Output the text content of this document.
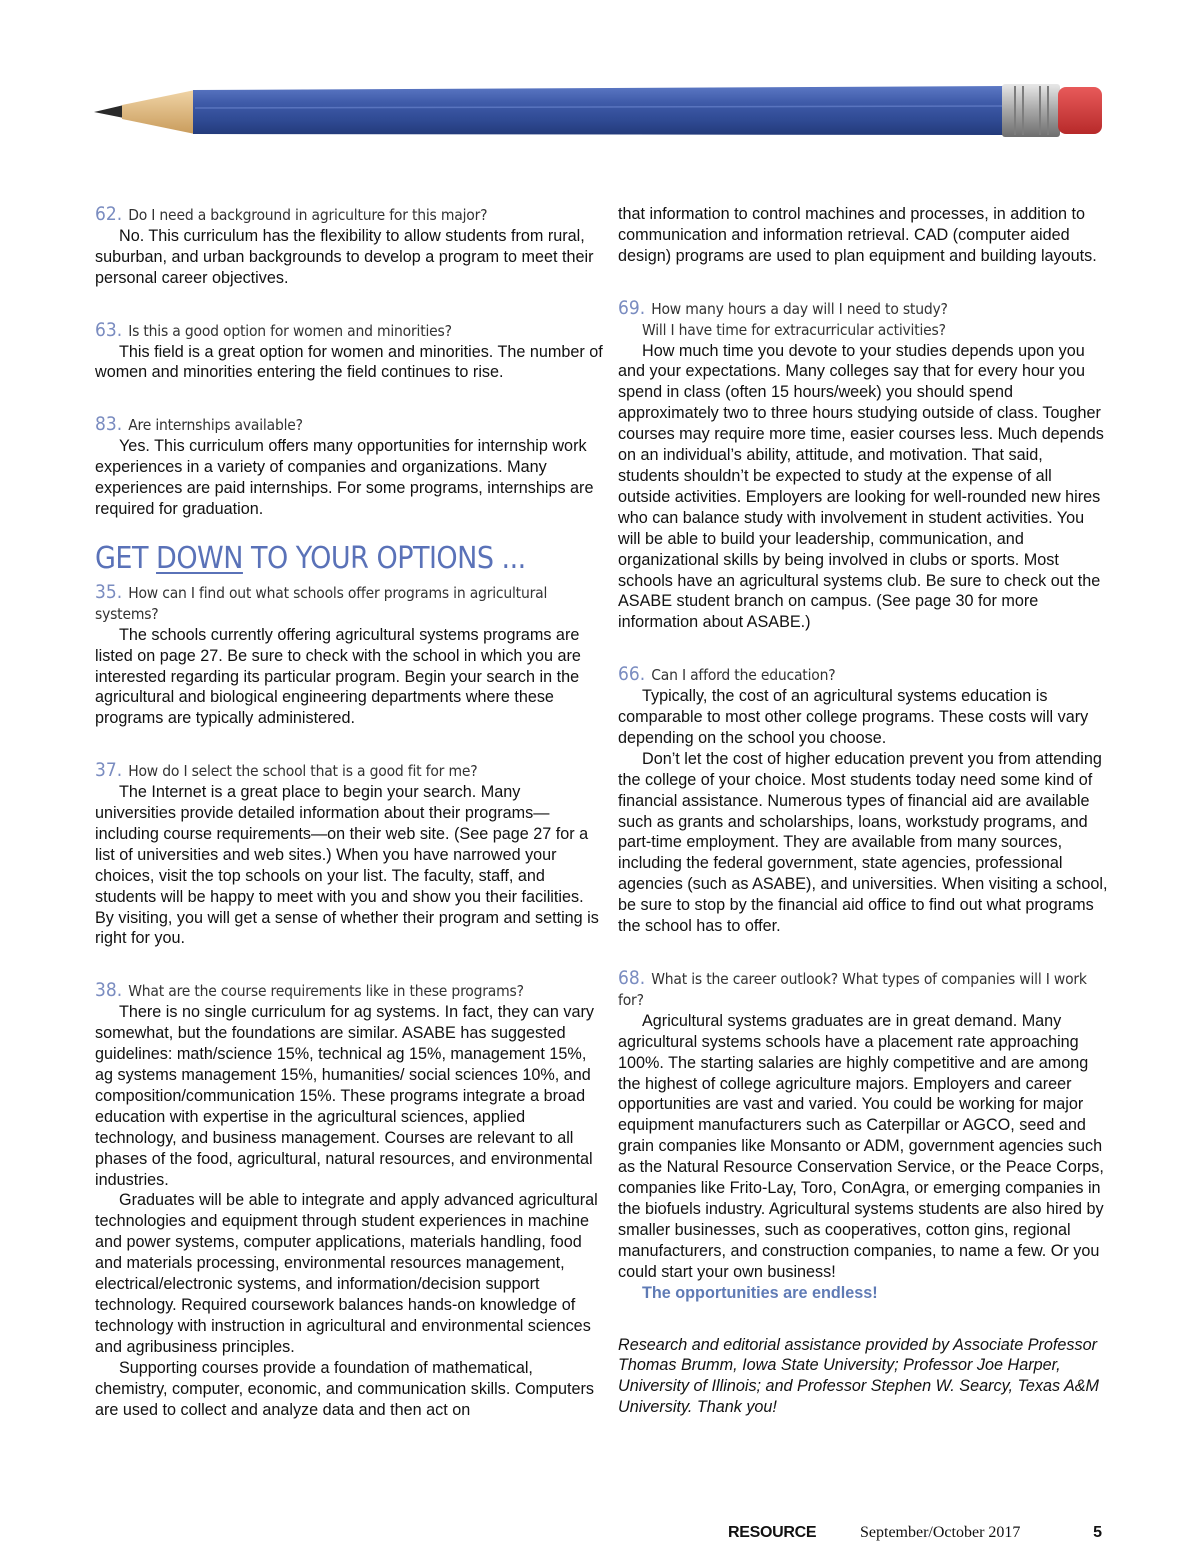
62. Do I need a background in agriculture for this major?

No. This curriculum has the flexibility to allow students from rural, suburban, and urban backgrounds to develop a program to meet their personal career objectives.

63. Is this a good option for women and minorities?

This field is a great option for women and minorities. The number of women and minorities entering the field continues to rise.

83. Are internships available?

Yes. This curriculum offers many opportunities for internship work experiences in a variety of companies and organizations. Many experiences are paid internships. For some programs, internships are required for graduation.

GET DOWN TO YOUR OPTIONS ...
35. How can I find out what schools offer programs in agricultural systems?

The schools currently offering agricultural systems programs are listed on page 27. Be sure to check with the school in which you are interested regarding its particular program. Begin your search in the agricultural and biological engineering departments where these programs are typically administered.

37. How do I select the school that is a good fit for me?

The Internet is a great place to begin your search. Many universities provide detailed information about their programs—including course requirements—on their web site. (See page 27 for a list of universities and web sites.) When you have narrowed your choices, visit the top schools on your list. The faculty, staff, and students will be happy to meet with you and show you their facilities. By visiting, you will get a sense of whether their program and setting is right for you.

38. What are the course requirements like in these programs?

There is no single curriculum for ag systems. In fact, they can vary somewhat, but the foundations are similar. ASABE has suggested guidelines: math/science 15%, technical ag 15%, management 15%, ag systems management 15%, humanities/ social sciences 10%, and composition/communication 15%. These programs integrate a broad education with expertise in the agricultural sciences, applied technology, and business management. Courses are relevant to all phases of the food, agricultural, natural resources, and environmental industries.

Graduates will be able to integrate and apply advanced agricultural technologies and equipment through student experiences in machine and power systems, computer applications, materials handling, food and materials processing, environmental resources management, electrical/electronic systems, and information/decision support technology. Required coursework balances hands-on knowledge of technology with instruction in agricultural and environmental sciences and agribusiness principles.

Supporting courses provide a foundation of mathematical, chemistry, computer, economic, and communication skills. Computers are used to collect and analyze data and then act on

that information to control machines and processes, in addition to communication and information retrieval. CAD (computer aided design) programs are used to plan equipment and building layouts.

69. How many hours a day will I need to study?
Will I have time for extracurricular activities?

How much time you devote to your studies depends upon you and your expectations. Many colleges say that for every hour you spend in class (often 15 hours/week) you should spend approximately two to three hours studying outside of class. Tougher courses may require more time, easier courses less. Much depends on an individual’s ability, attitude, and motivation. That said, students shouldn’t be expected to study at the expense of all outside activities. Employers are looking for well-rounded new hires who can balance study with involvement in student activities. You will be able to build your leadership, communication, and organizational skills by being involved in clubs or sports. Most schools have an agricultural systems club. Be sure to check out the ASABE student branch on campus. (See page 30 for more information about ASABE.)

66. Can I afford the education?

Typically, the cost of an agricultural systems education is comparable to most other college programs. These costs will vary depending on the school you choose.

Don’t let the cost of higher education prevent you from attending the college of your choice. Most students today need some kind of financial assistance. Numerous types of financial aid are available such as grants and scholarships, loans, workstudy programs, and part-time employment. They are available from many sources, including the federal government, state agencies, professional agencies (such as ASABE), and universities. When visiting a school, be sure to stop by the financial aid office to find out what programs the school has to offer.

68. What is the career outlook? What types of companies will I work for?

Agricultural systems graduates are in great demand. Many agricultural systems schools have a placement rate approaching 100%. The starting salaries are highly competitive and are among the highest of college agriculture majors. Employers and career opportunities are vast and varied. You could be working for major equipment manufacturers such as Caterpillar or AGCO, seed and grain companies like Monsanto or ADM, government agencies such as the Natural Resource Conservation Service, or the Peace Corps, companies like Frito-Lay, Toro, ConAgra, or emerging companies in the biofuels industry. Agricultural systems students are also hired by smaller businesses, such as cooperatives, cotton gins, regional manufacturers, and construction companies, to name a few. Or you could start your own business!

The opportunities are endless!

Research and editorial assistance provided by Associate Professor Thomas Brumm, Iowa State University; Professor Joe Harper, University of Illinois; and Professor Stephen W. Searcy, Texas A&M University. Thank you!

RESOURCE	September/October 2017	5
